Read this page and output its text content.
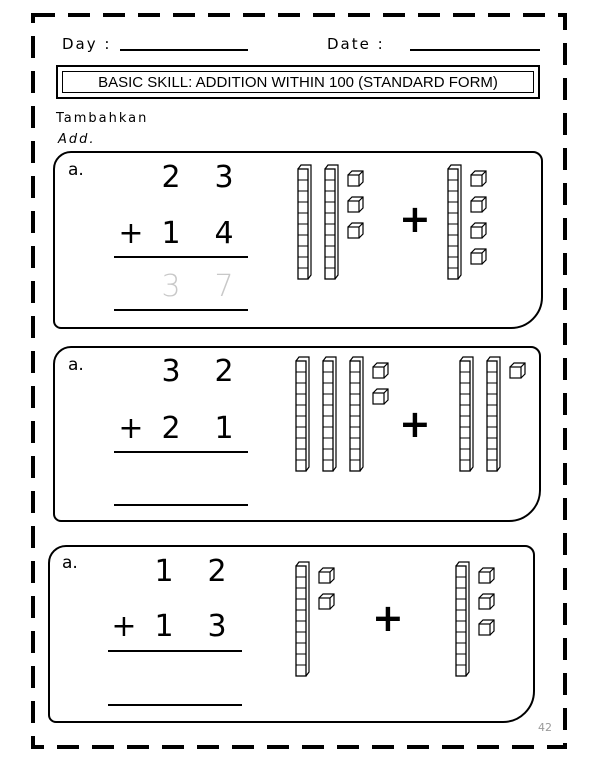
Day :	Date :
BASIC SKILL: ADDITION WITHIN 100 (STANDARD FORM)
Tambahkan
Add.
a.	2 3
+ 1 4
3 7
+
a.	3 2
+ 2 1	+
a.	1 2
+ 1 3	+
42
